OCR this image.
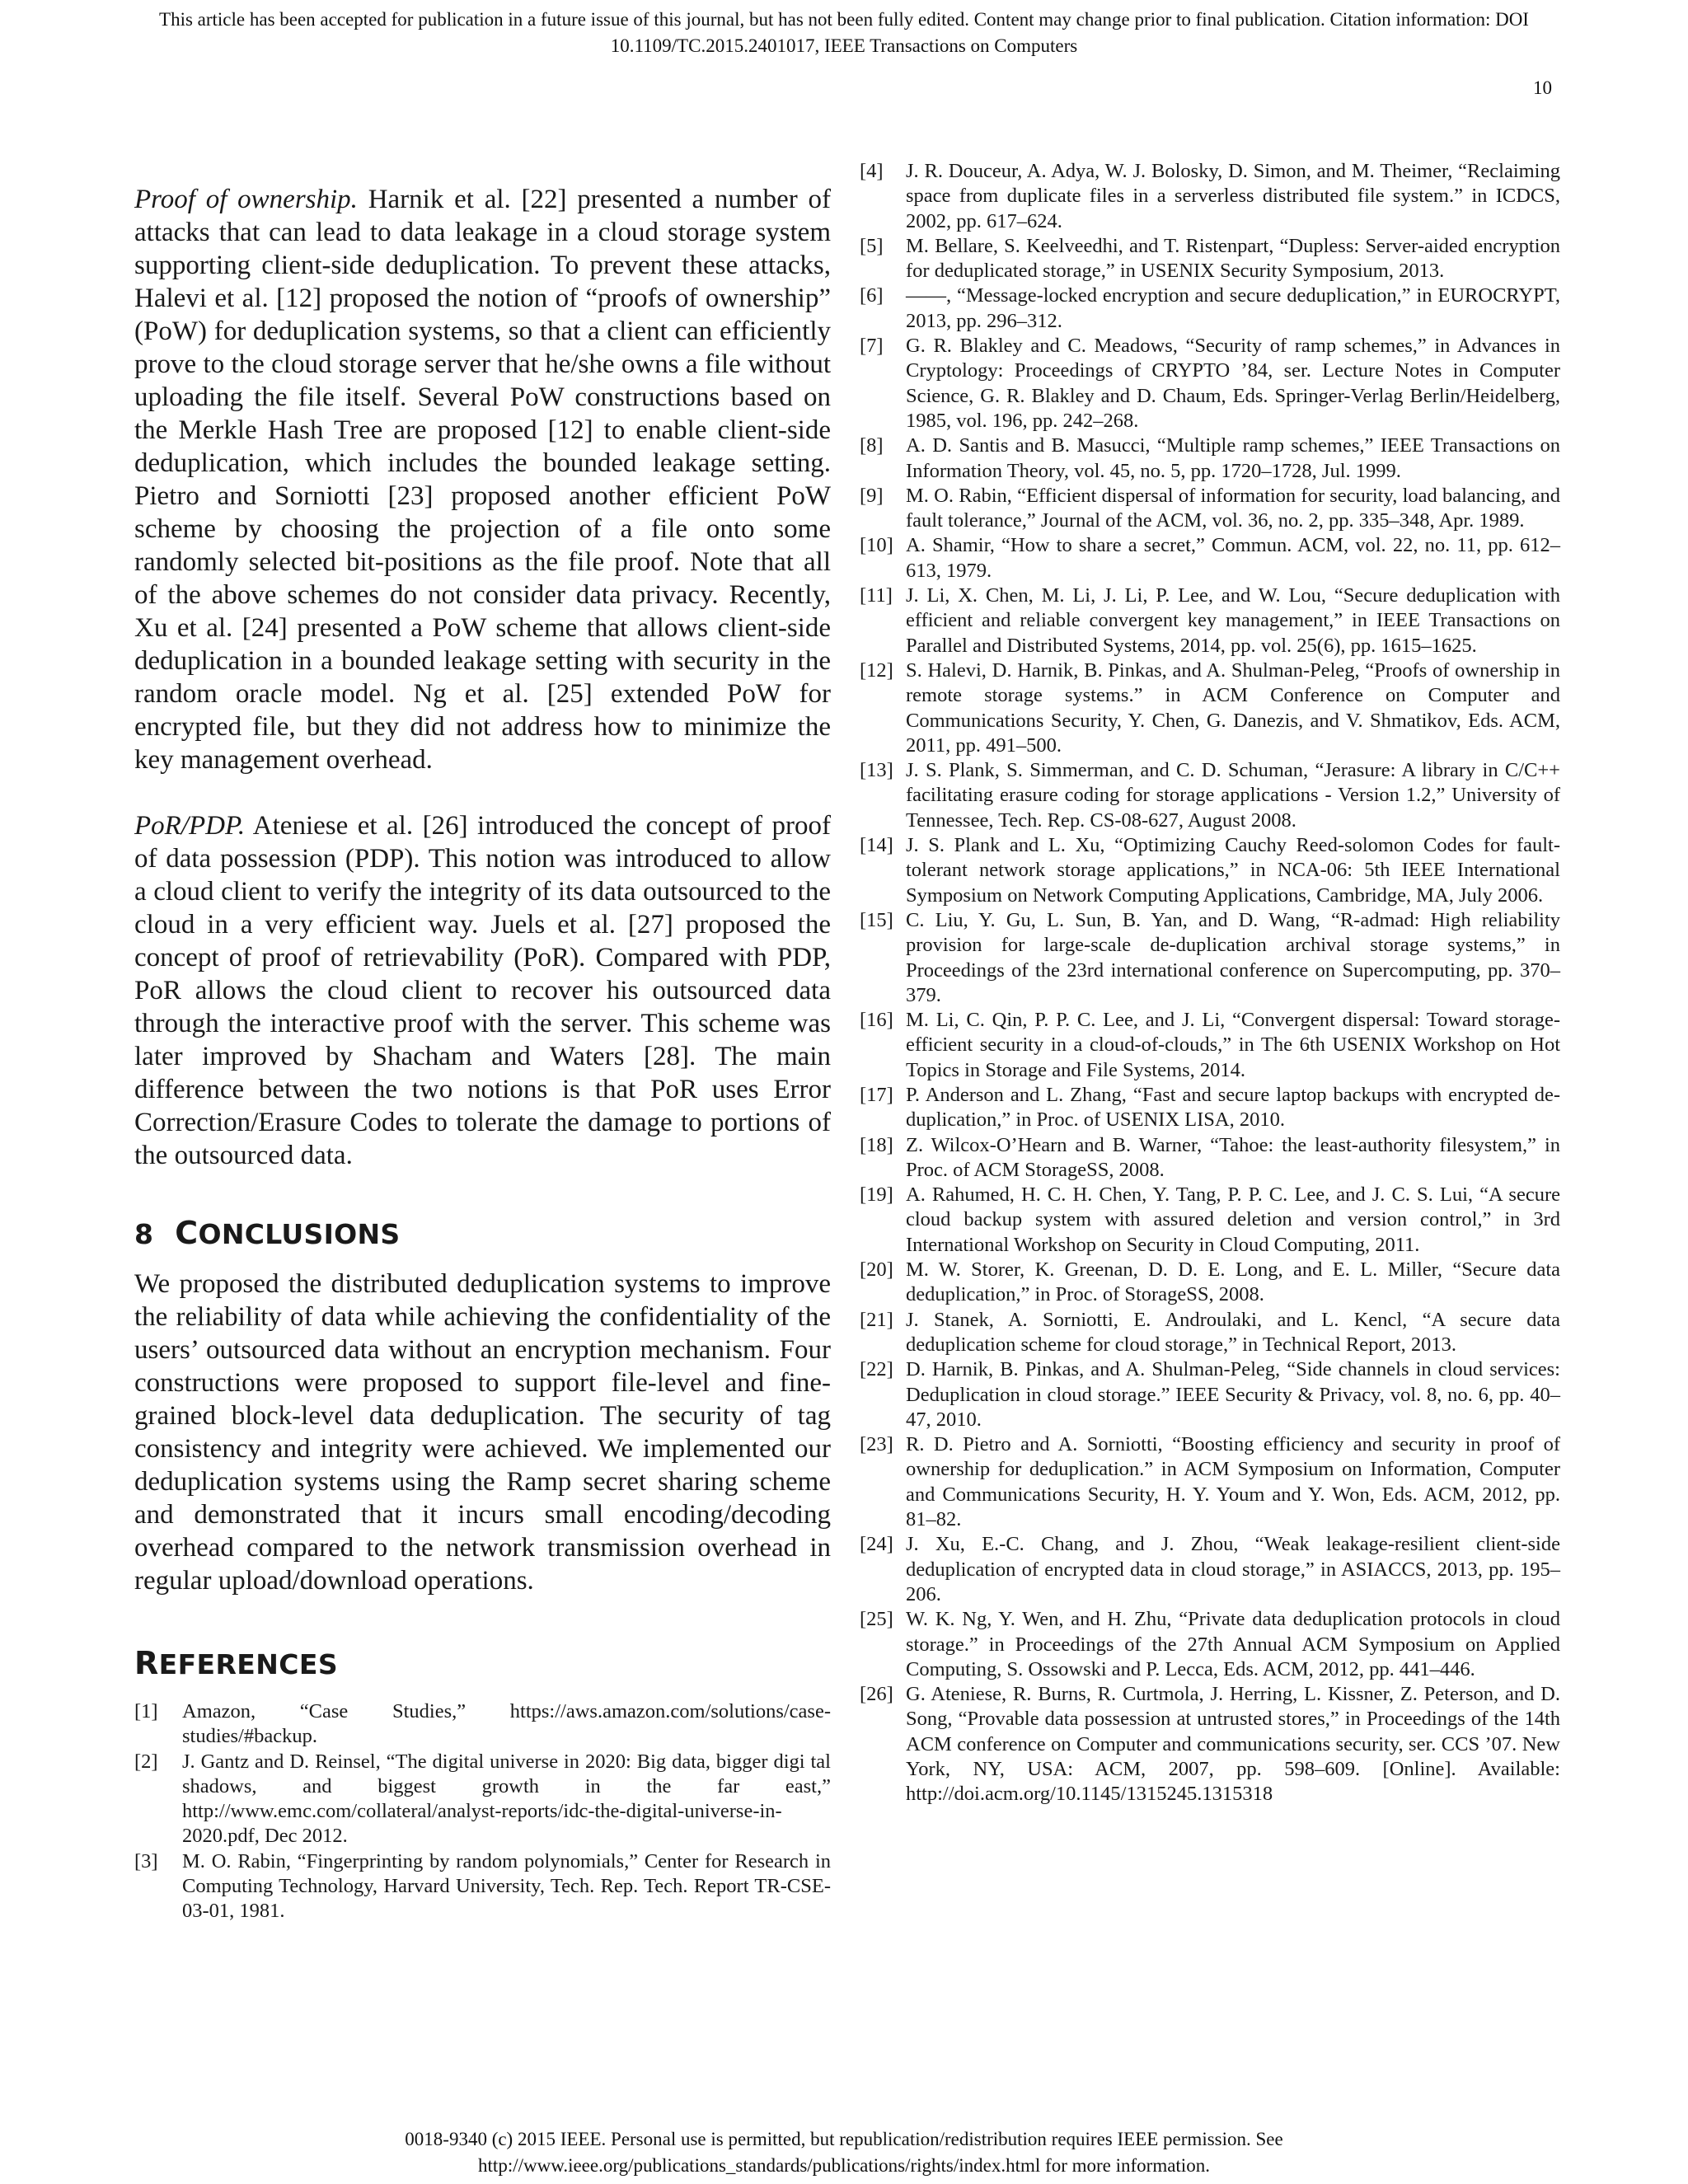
This article has been accepted for publication in a future issue of this journal, but has not been fully edited. Content may change prior to final publication. Citation information: DOI
10.1109/TC.2015.2401017, IEEE Transactions on Computers
10

Proof of ownership. Harnik et al. [22] presented a number of attacks that can lead to data leakage in a cloud storage system supporting client-side deduplication. To prevent these attacks, Halevi et al. [12] proposed the notion of “proofs of ownership” (PoW) for deduplication systems, so that a client can efficiently prove to the cloud storage server that he/she owns a file without uploading the file itself. Several PoW constructions based on the Merkle Hash Tree are proposed [12] to enable client-side deduplication, which includes the bounded leakage setting. Pietro and Sorniotti [23] proposed another efficient PoW scheme by choosing the projection of a file onto some randomly selected bit-positions as the file proof. Note that all of the above schemes do not consider data privacy. Recently, Xu et al. [24] presented a PoW scheme that allows client-side deduplication in a bounded leakage setting with security in the random oracle model. Ng et al. [25] extended PoW for encrypted file, but they did not address how to minimize the key management overhead.

PoR/PDP. Ateniese et al. [26] introduced the concept of proof of data possession (PDP). This notion was introduced to allow a cloud client to verify the integrity of its data outsourced to the cloud in a very efficient way. Juels et al. [27] proposed the concept of proof of retrievability (PoR). Compared with PDP, PoR allows the cloud client to recover his outsourced data through the interactive proof with the server. This scheme was later improved by Shacham and Waters [28]. The main difference between the two notions is that PoR uses Error Correction/Erasure Codes to tolerate the damage to portions of the outsourced data.

8 CONCLUSIONS

We proposed the distributed deduplication systems to improve the reliability of data while achieving the confidentiality of the users’ outsourced data without an encryption mechanism. Four constructions were proposed to support file-level and fine-grained block-level data deduplication. The security of tag consistency and integrity were achieved. We implemented our deduplication systems using the Ramp secret sharing scheme and demonstrated that it incurs small encoding/decoding overhead compared to the network transmission overhead in regular upload/download operations.

REFERENCES
[1]	Amazon, “Case Studies,” https://aws.amazon.com/solutions/case-studies/#backup.
[2]	J. Gantz and D. Reinsel, “The digital universe in 2020: Big data, bigger digi tal shadows, and biggest growth in the far east,” http://www.emc.com/collateral/analyst-reports/idc-the-digital-universe-in-2020.pdf, Dec 2012.
[3]	M. O. Rabin, “Fingerprinting by random polynomials,” Center for Research in Computing Technology, Harvard University, Tech. Rep. Tech. Report TR-CSE-03-01, 1981.
[4]	J. R. Douceur, A. Adya, W. J. Bolosky, D. Simon, and M. Theimer, “Reclaiming space from duplicate files in a serverless distributed file system.” in ICDCS, 2002, pp. 617–624.
[5]	M. Bellare, S. Keelveedhi, and T. Ristenpart, “Dupless: Server-aided encryption for deduplicated storage,” in USENIX Security Symposium, 2013.
[6]	——, “Message-locked encryption and secure deduplication,” in EUROCRYPT, 2013, pp. 296–312.
[7]	G. R. Blakley and C. Meadows, “Security of ramp schemes,” in Advances in Cryptology: Proceedings of CRYPTO ’84, ser. Lecture Notes in Computer Science, G. R. Blakley and D. Chaum, Eds. Springer-Verlag Berlin/Heidelberg, 1985, vol. 196, pp. 242–268.
[8]	A. D. Santis and B. Masucci, “Multiple ramp schemes,” IEEE Transactions on Information Theory, vol. 45, no. 5, pp. 1720–1728, Jul. 1999.
[9]	M. O. Rabin, “Efficient dispersal of information for security, load balancing, and fault tolerance,” Journal of the ACM, vol. 36, no. 2, pp. 335–348, Apr. 1989.
[10] A. Shamir, “How to share a secret,” Commun. ACM, vol. 22, no. 11, pp. 612–613, 1979.
[11] J. Li, X. Chen, M. Li, J. Li, P. Lee, and W. Lou, “Secure deduplication with efficient and reliable convergent key management,” in IEEE Transactions on Parallel and Distributed Systems, 2014, pp. vol. 25(6), pp. 1615–1625.
[12] S. Halevi, D. Harnik, B. Pinkas, and A. Shulman-Peleg, “Proofs of ownership in remote storage systems.” in ACM Conference on Computer and Communications Security, Y. Chen, G. Danezis, and V. Shmatikov, Eds. ACM, 2011, pp. 491–500.
[13] J. S. Plank, S. Simmerman, and C. D. Schuman, “Jerasure: A library in C/C++ facilitating erasure coding for storage applications - Version 1.2,” University of Tennessee, Tech. Rep. CS-08-627, August 2008.
[14] J. S. Plank and L. Xu, “Optimizing Cauchy Reed-solomon Codes for fault-tolerant network storage applications,” in NCA-06: 5th IEEE International Symposium on Network Computing Applications, Cambridge, MA, July 2006.
[15] C. Liu, Y. Gu, L. Sun, B. Yan, and D. Wang, “R-admad: High reliability provision for large-scale de-duplication archival storage systems,” in Proceedings of the 23rd international conference on Supercomputing, pp. 370–379.
[16] M. Li, C. Qin, P. P. C. Lee, and J. Li, “Convergent dispersal: Toward storage-efficient security in a cloud-of-clouds,” in The 6th USENIX Workshop on Hot Topics in Storage and File Systems, 2014.
[17] P. Anderson and L. Zhang, “Fast and secure laptop backups with encrypted de-duplication,” in Proc. of USENIX LISA, 2010.
[18] Z. Wilcox-O’Hearn and B. Warner, “Tahoe: the least-authority filesystem,” in Proc. of ACM StorageSS, 2008.
[19] A. Rahumed, H. C. H. Chen, Y. Tang, P. P. C. Lee, and J. C. S. Lui, “A secure cloud backup system with assured deletion and version control,” in 3rd International Workshop on Security in Cloud Computing, 2011.
[20] M. W. Storer, K. Greenan, D. D. E. Long, and E. L. Miller, “Secure data deduplication,” in Proc. of StorageSS, 2008.
[21] J. Stanek, A. Sorniotti, E. Androulaki, and L. Kencl, “A secure data deduplication scheme for cloud storage,” in Technical Report, 2013.
[22] D. Harnik, B. Pinkas, and A. Shulman-Peleg, “Side channels in cloud services: Deduplication in cloud storage.” IEEE Security & Privacy, vol. 8, no. 6, pp. 40–47, 2010.
[23] R. D. Pietro and A. Sorniotti, “Boosting efficiency and security in proof of ownership for deduplication.” in ACM Symposium on Information, Computer and Communications Security, H. Y. Youm and Y. Won, Eds. ACM, 2012, pp. 81–82.
[24] J. Xu, E.-C. Chang, and J. Zhou, “Weak leakage-resilient client-side deduplication of encrypted data in cloud storage,” in ASIACCS, 2013, pp. 195–206.
[25] W. K. Ng, Y. Wen, and H. Zhu, “Private data deduplication protocols in cloud storage.” in Proceedings of the 27th Annual ACM Symposium on Applied Computing, S. Ossowski and P. Lecca, Eds. ACM, 2012, pp. 441–446.
[26] G. Ateniese, R. Burns, R. Curtmola, J. Herring, L. Kissner, Z. Peterson, and D. Song, “Provable data possession at untrusted stores,” in Proceedings of the 14th ACM conference on Computer and communications security, ser. CCS ’07. New York, NY, USA: ACM, 2007, pp. 598–609. [Online]. Available: http://doi.acm.org/10.1145/1315245.1315318
0018-9340 (c) 2015 IEEE. Personal use is permitted, but republication/redistribution requires IEEE permission. See
http://www.ieee.org/publications_standards/publications/rights/index.html for more information.
